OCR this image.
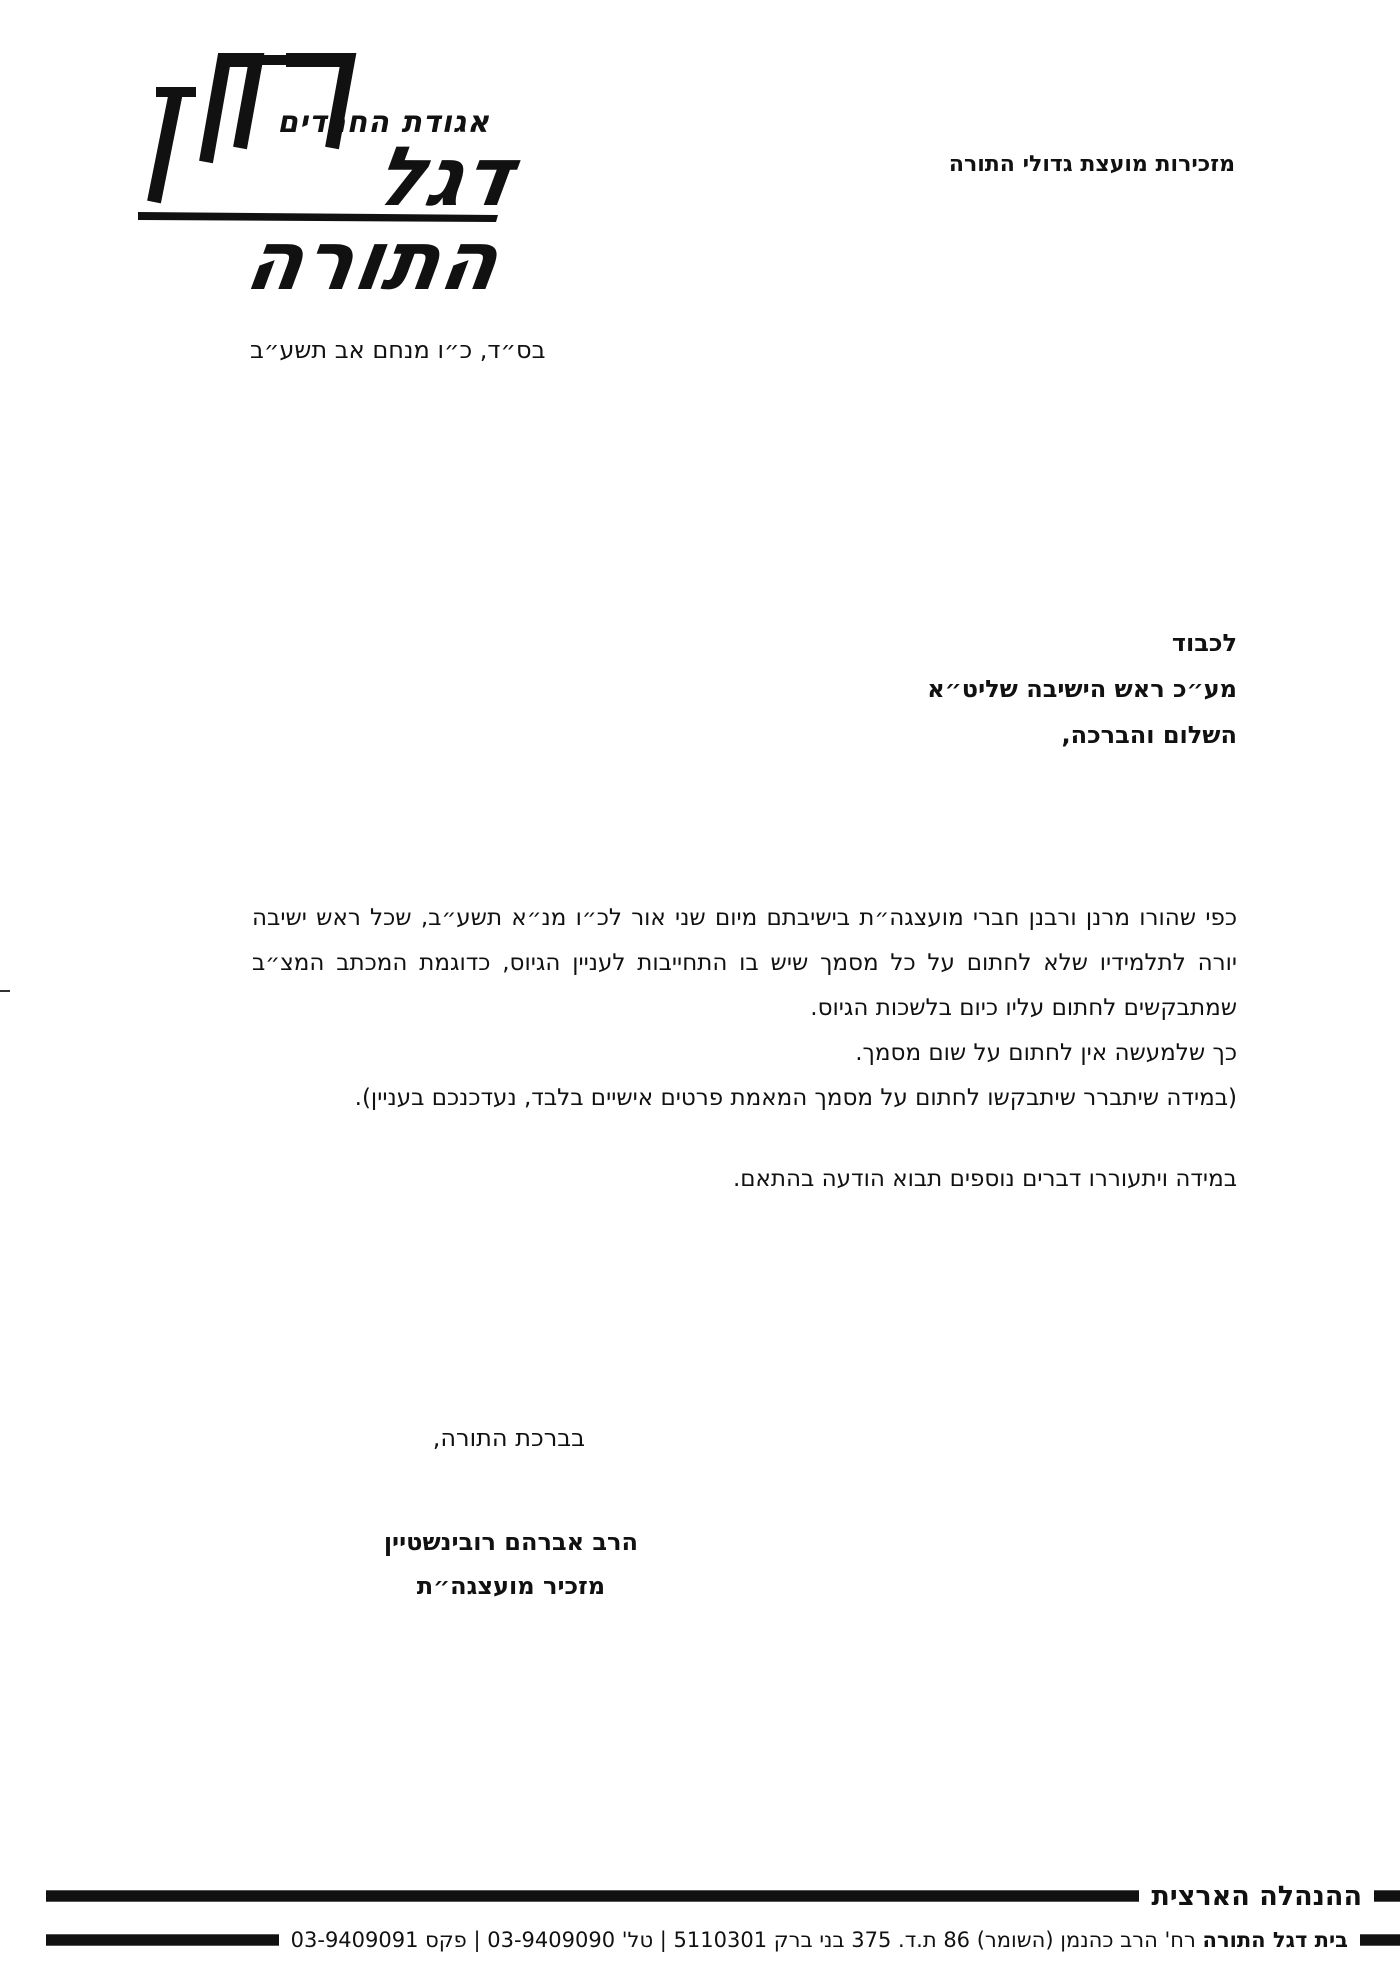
אגודת החרדים
דגל התורה
מזכירות מועצת גדולי התורה
בס״ד, כ״ו מנחם אב תשע״ב
לכבוד
מע״כ ראש הישיבה שליט״א
השלום והברכה,

כפי שהורו מרנן ורבנן חברי מועצגה״ת בישיבתם מיום שני אור לכ״ו מנ״א תשע״ב, שכל ראש ישיבה יורה לתלמידיו שלא לחתום על כל מסמך שיש בו התחייבות לעניין הגיוס, כדוגמת המכתב המצ״ב שמתבקשים לחתום עליו כיום בלשכות הגיוס.

כך שלמעשה אין לחתום על שום מסמך.

(במידה שיתברר שיתבקשו לחתום על מסמך המאמת פרטים אישיים בלבד, נעדכנכם בעניין).

במידה ויתעוררו דברים נוספים תבוא הודעה בהתאם.

בברכת התורה,
הרב אברהם רובינשטיין
מזכיר מועצגה״ת
ההנהלה הארצית
בית דגל התורה רח' הרב כהנמן (השומר) 86 ת.ד. 375 בני ברק 5110301 | טל' 03-9409090 | פקס 03-9409091
